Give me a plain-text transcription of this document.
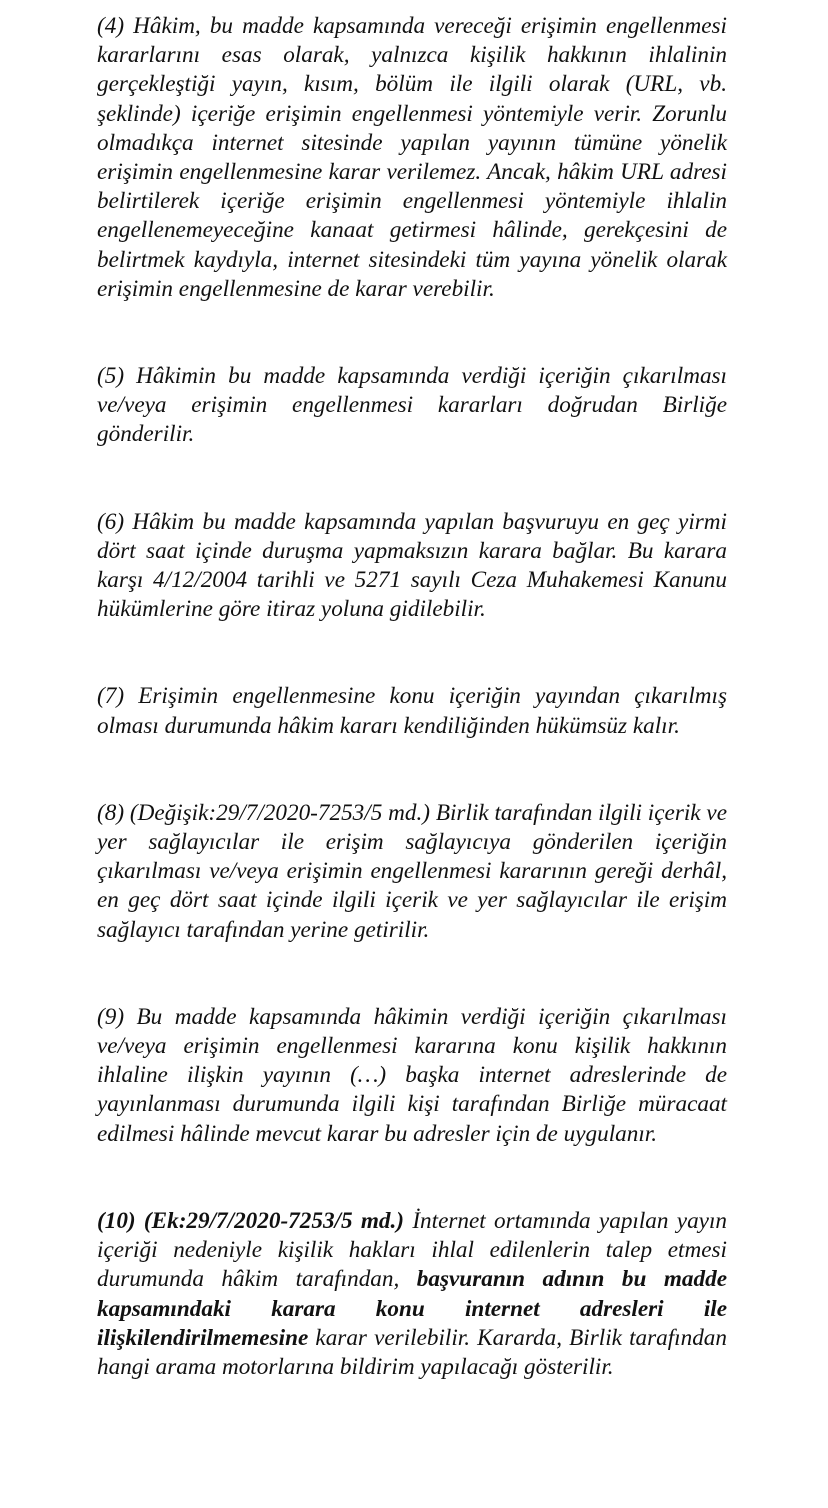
(4) Hâkim, bu madde kapsamında vereceği erişimin engellenmesi kararlarını esas olarak, yalnızca kişilik hakkının ihlalinin gerçekleştiği yayın, kısım, bölüm ile ilgili olarak (URL, vb. şeklinde) içeriğe erişimin engellenmesi yöntemiyle verir. Zorunlu olmadıkça internet sitesinde yapılan yayının tümüne yönelik erişimin engellenmesine karar verilemez. Ancak, hâkim URL adresi belirtilerek içeriğe erişimin engellenmesi yöntemiyle ihlalin engellenemeyeceğine kanaat getirmesi hâlinde, gerekçesini de belirtmek kaydıyla, internet sitesindeki tüm yayına yönelik olarak erişimin engellenmesine de karar verebilir.

(5) Hâkimin bu madde kapsamında verdiği içeriğin çıkarılması ve/veya erişimin engellenmesi kararları doğrudan Birliğe gönderilir.

(6) Hâkim bu madde kapsamında yapılan başvuruyu en geç yirmi dört saat içinde duruşma yapmaksızın karara bağlar. Bu karara karşı 4/12/2004 tarihli ve 5271 sayılı Ceza Muhakemesi Kanunu hükümlerine göre itiraz yoluna gidilebilir.

(7) Erişimin engellenmesine konu içeriğin yayından çıkarılmış olması durumunda hâkim kararı kendiliğinden hükümsüz kalır.

(8) (Değişik:29/7/2020-7253/5 md.) Birlik tarafından ilgili içerik ve yer sağlayıcılar ile erişim sağlayıcıya gönderilen içeriğin çıkarılması ve/veya erişimin engellenmesi kararının gereği derhâl, en geç dört saat içinde ilgili içerik ve yer sağlayıcılar ile erişim sağlayıcı tarafından yerine getirilir.

(9) Bu madde kapsamında hâkimin verdiği içeriğin çıkarılması ve/veya erişimin engellenmesi kararına konu kişilik hakkının ihlaline ilişkin yayının (…) başka internet adreslerinde de yayınlanması durumunda ilgili kişi tarafından Birliğe müracaat edilmesi hâlinde mevcut karar bu adresler için de uygulanır.

(10) (Ek:29/7/2020-7253/5 md.) İnternet ortamında yapılan yayın içeriği nedeniyle kişilik hakları ihlal edilenlerin talep etmesi durumunda hâkim tarafından, başvuranın adının bu madde kapsamındaki karara konu internet adresleri ile ilişkilendirilmemesine karar verilebilir. Kararda, Birlik tarafından hangi arama motorlarına bildirim yapılacağı gösterilir.
